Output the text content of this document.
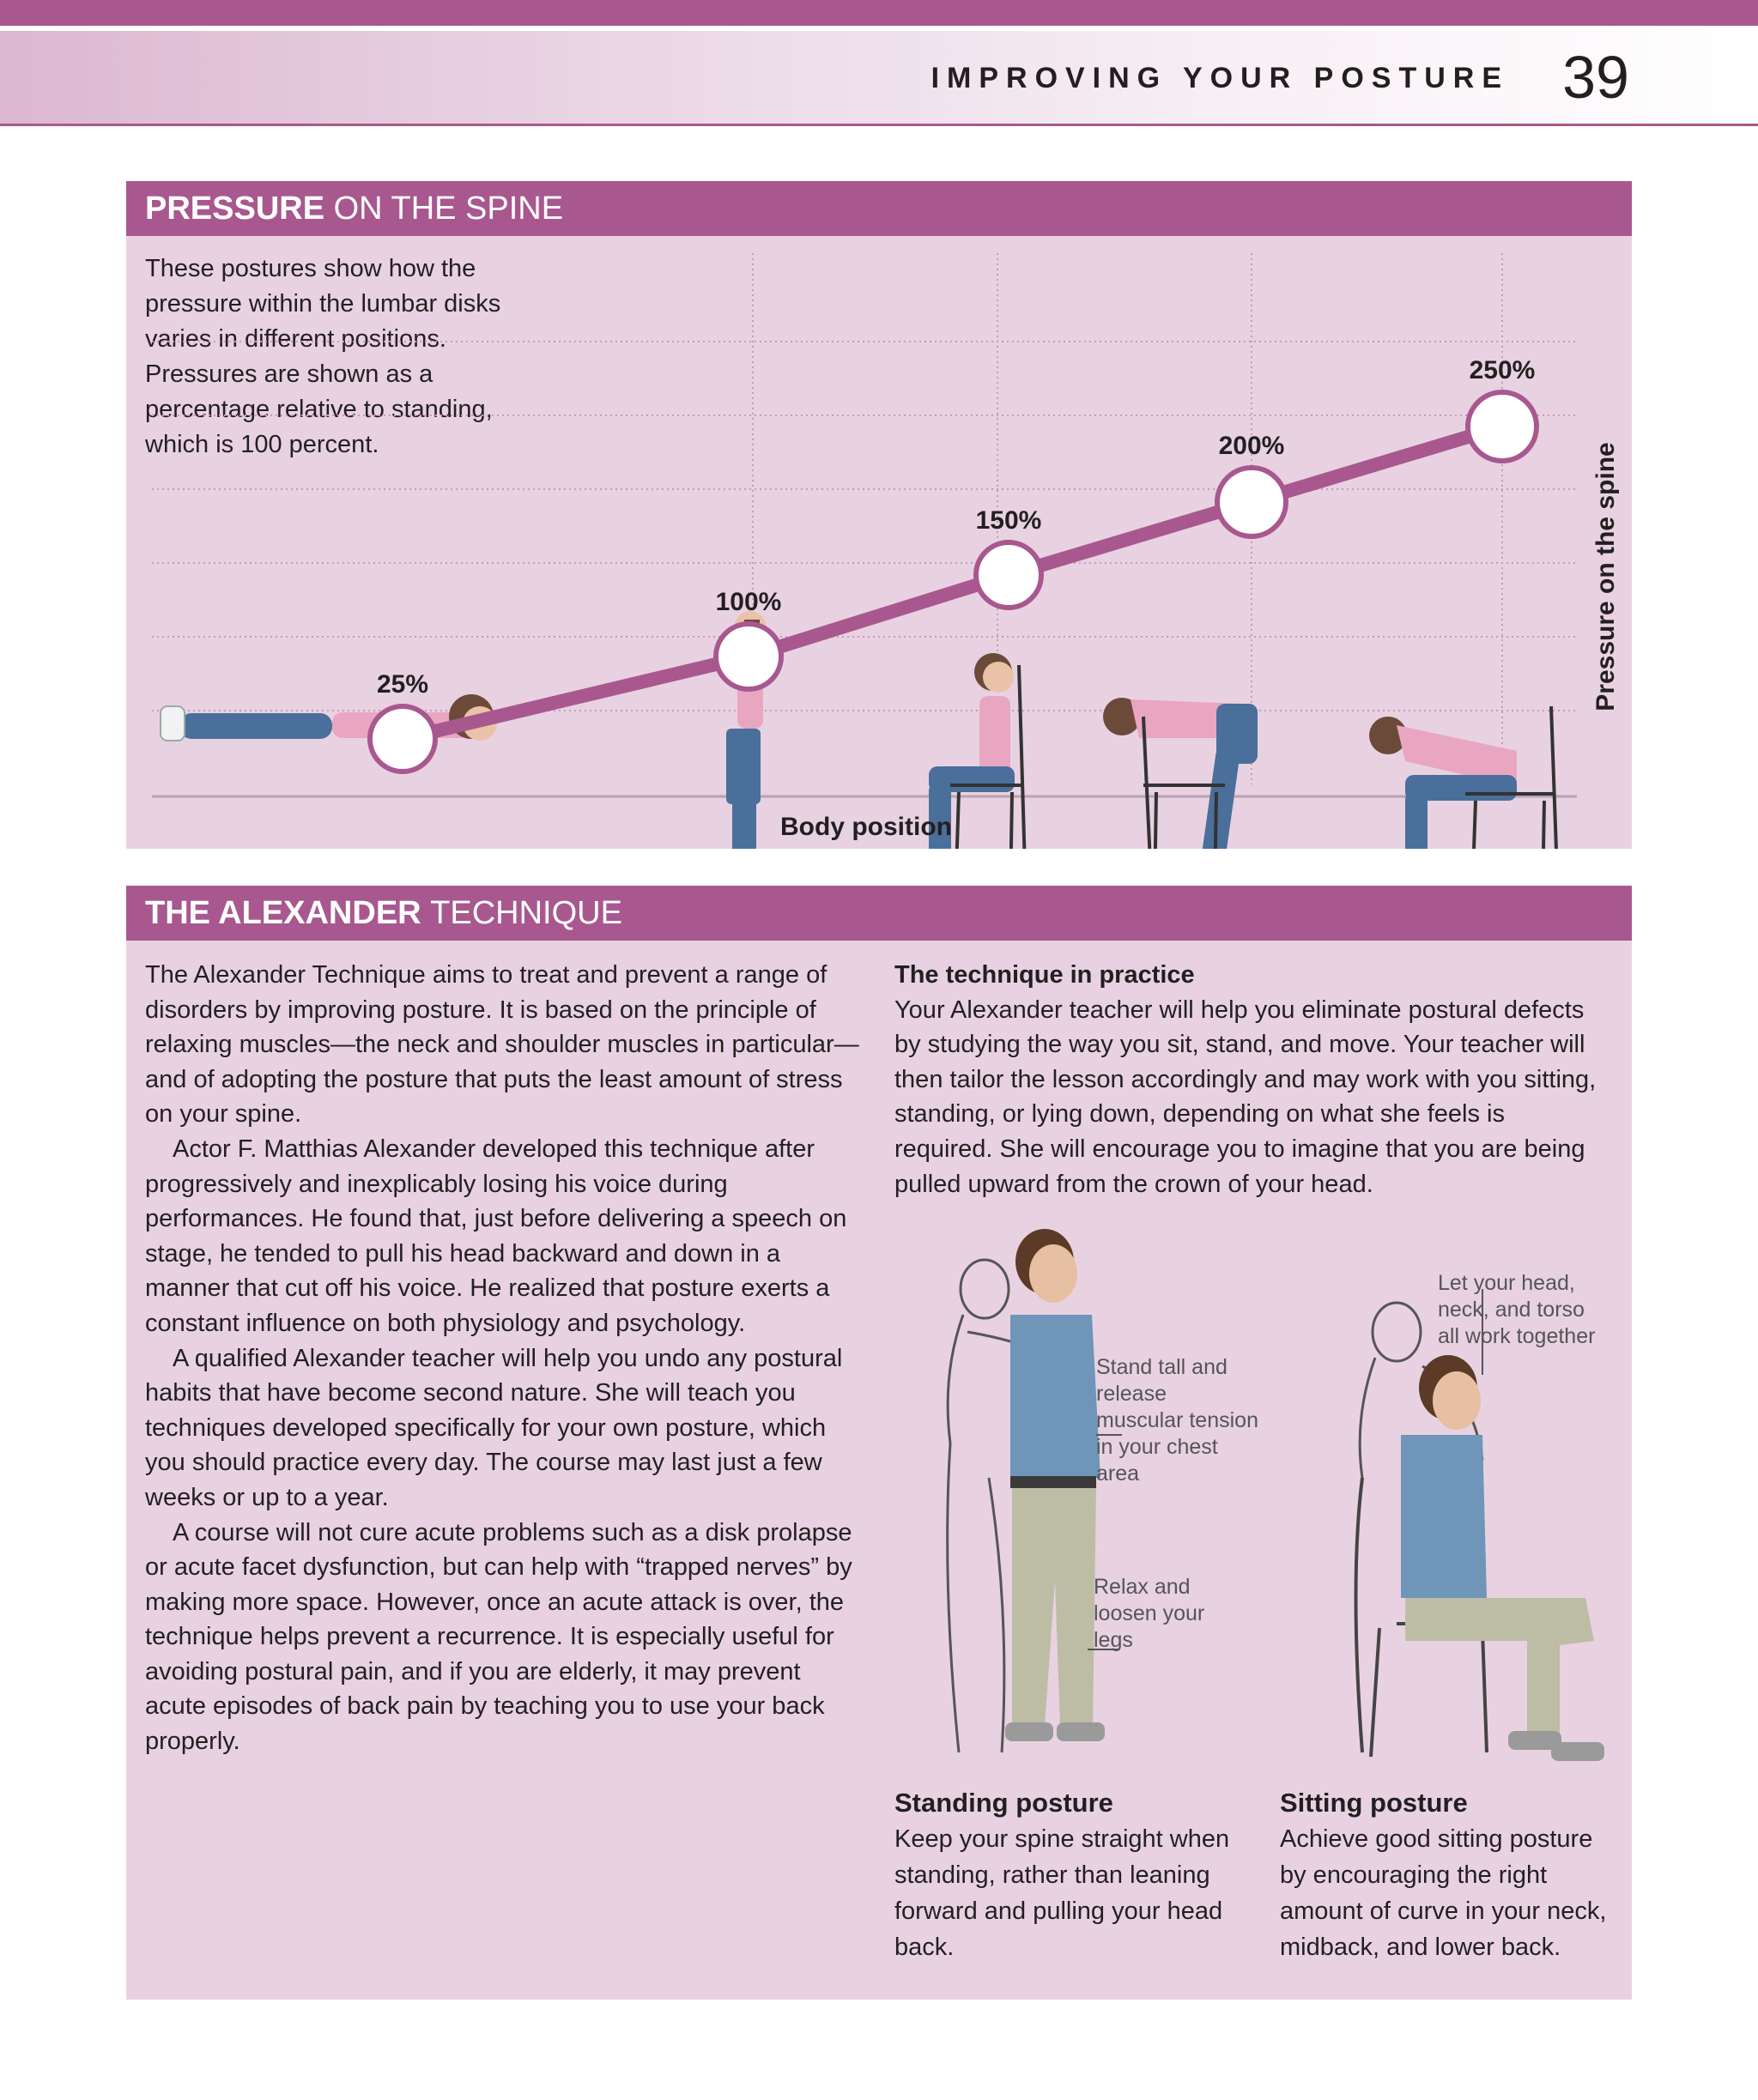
IMPROVING YOUR POSTURE 39
PRESSURE ON THE SPINE
These postures show how the pressure within the lumbar disks varies in different positions. Pressures are shown as a percentage relative to standing, which is 100 percent.
25%
100%
150%
200%
250%
Body position
Pressure on the spine
THE ALEXANDER TECHNIQUE

The Alexander Technique aims to treat and prevent a range of disorders by improving posture. It is based on the principle of relaxing muscles—the neck and shoulder muscles in particular—and of adopting the posture that puts the least amount of stress on your spine.

Actor F. Matthias Alexander developed this technique after progressively and inexplicably losing his voice during performances. He found that, just before delivering a speech on stage, he tended to pull his head backward and down in a manner that cut off his voice. He realized that posture exerts a constant influence on both physiology and psychology.

A qualified Alexander teacher will help you undo any postural habits that have become second nature. She will teach you techniques developed specifically for your own posture, which you should practice every day. The course may last just a few weeks or up to a year.

A course will not cure acute problems such as a disk prolapse or acute facet dysfunction, but can help with “trapped nerves” by making more space. However, once an acute attack is over, the technique helps prevent a recurrence. It is especially useful for avoiding postural pain, and if you are elderly, it may prevent acute episodes of back pain by teaching you to use your back properly.

The technique in practice
Your Alexander teacher will help you eliminate postural defects by studying the way you sit, stand, and move. Your teacher will then tailor the lesson accordingly and may work with you sitting, standing, or lying down, depending on what she feels is required. She will encourage you to imagine that you are being pulled upward from the crown of your head.
Stand tall and release muscular tension in your chest area
Relax and loosen your legs
Let your head, neck, and torso all work together
Standing posture
Keep your spine straight when standing, rather than leaning forward and pulling your head back.
Sitting posture
Achieve good sitting posture by encouraging the right amount of curve in your neck, midback, and lower back.
